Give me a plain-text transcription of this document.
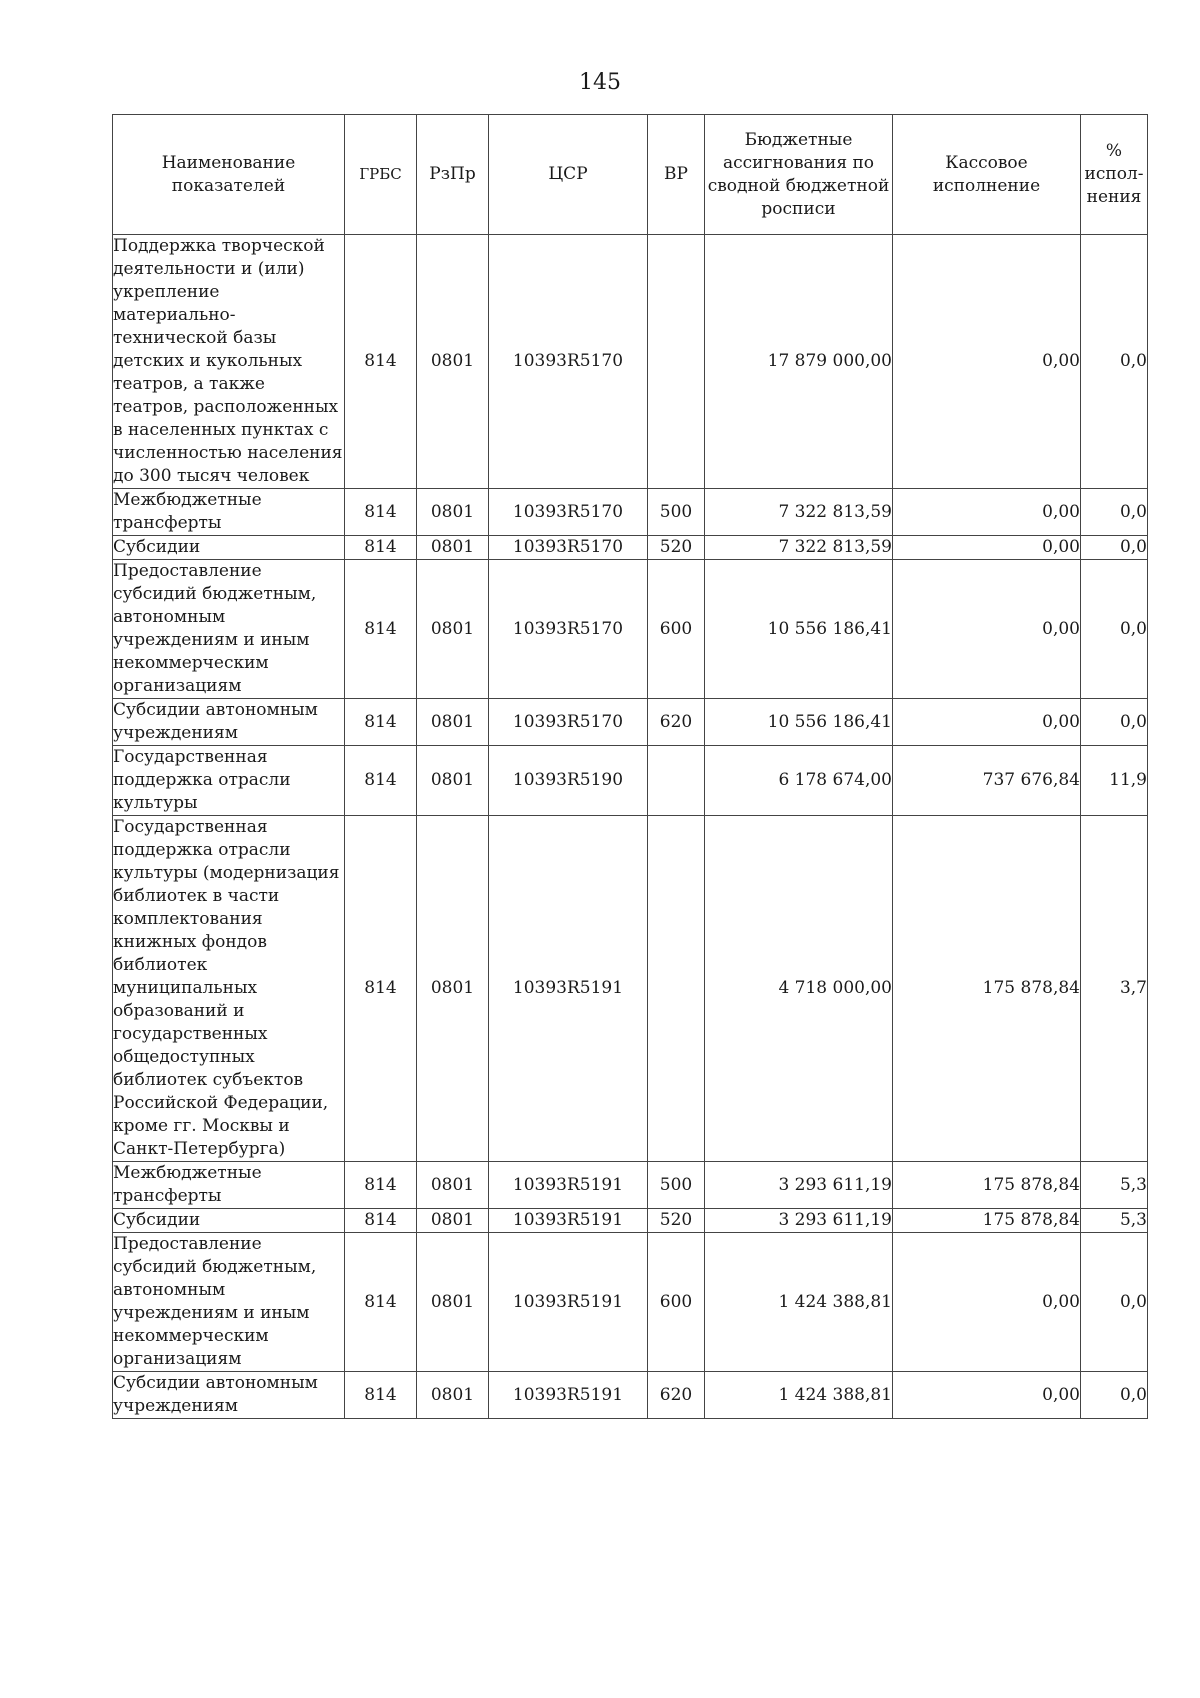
145
Наименование показателей	ГРБС	РзПр	ЦСР	ВР	Бюджетные ассигнования по сводной бюджетной росписи	Кассовое исполнение	% испол-нения
Поддержка творческой деятельности и (или) укрепление материально-технической базы детских и кукольных театров, а также театров, расположенных в населенных пунктах с численностью населения до 300 тысяч человек	814	0801	10393R5170		17 879 000,00	0,00	0,0
Межбюджетные трансферты	814	0801	10393R5170	500	7 322 813,59	0,00	0,0
Субсидии	814	0801	10393R5170	520	7 322 813,59	0,00	0,0
Предоставление субсидий бюджетным, автономным учреждениям и иным некоммерческим организациям	814	0801	10393R5170	600	10 556 186,41	0,00	0,0
Субсидии автономным учреждениям	814	0801	10393R5170	620	10 556 186,41	0,00	0,0
Государственная поддержка отрасли культуры	814	0801	10393R5190		6 178 674,00	737 676,84	11,9
Государственная поддержка отрасли культуры (модернизация библиотек в части комплектования книжных фондов библиотек муниципальных образований и государственных общедоступных библиотек субъектов Российской Федерации, кроме гг. Москвы и Санкт-Петербурга)	814	0801	10393R5191		4 718 000,00	175 878,84	3,7
Межбюджетные трансферты	814	0801	10393R5191	500	3 293 611,19	175 878,84	5,3
Субсидии	814	0801	10393R5191	520	3 293 611,19	175 878,84	5,3
Предоставление субсидий бюджетным, автономным учреждениям и иным некоммерческим организациям	814	0801	10393R5191	600	1 424 388,81	0,00	0,0
Субсидии автономным учреждениям	814	0801	10393R5191	620	1 424 388,81	0,00	0,0
